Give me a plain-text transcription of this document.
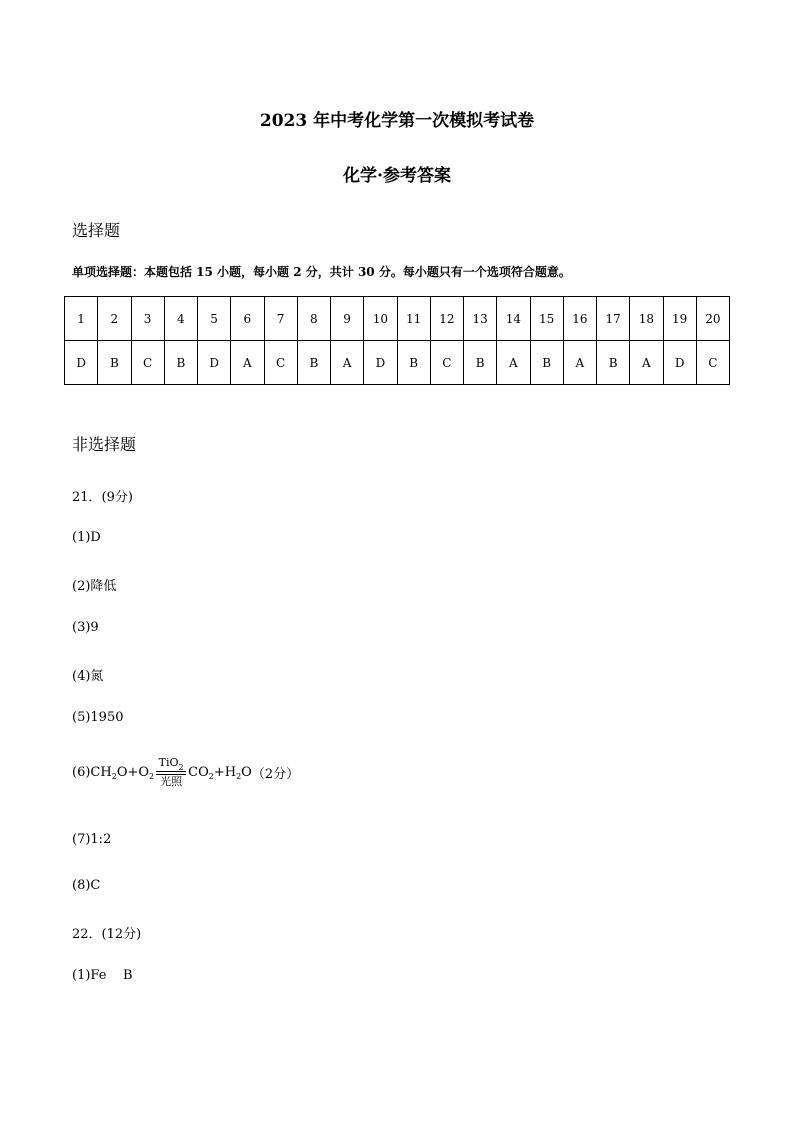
2023 年中考化学第一次模拟考试卷
化学·参考答案
选择题
单项选择题：本题包括 15 小题，每小题 2 分，共计 30 分。每小题只有一个选项符合题意。
1	2	3	4	5	6	7	8	9	10	11	12	13	14	15	16	17	18	19	20
D	B	C	B	D	A	C	B	A	D	B	C	B	A	B	A	B	A	D	C
非选择题
21．(9分)
(1)D
(2)降低
(3)9
(4)氮
(5)1950
(6) CH 2 O+O 2
TiO$_2$
光照
CO 2 +H 2 O （2分）
(7)1:2
(8)C
22．(12分)
(1)Fe    B
